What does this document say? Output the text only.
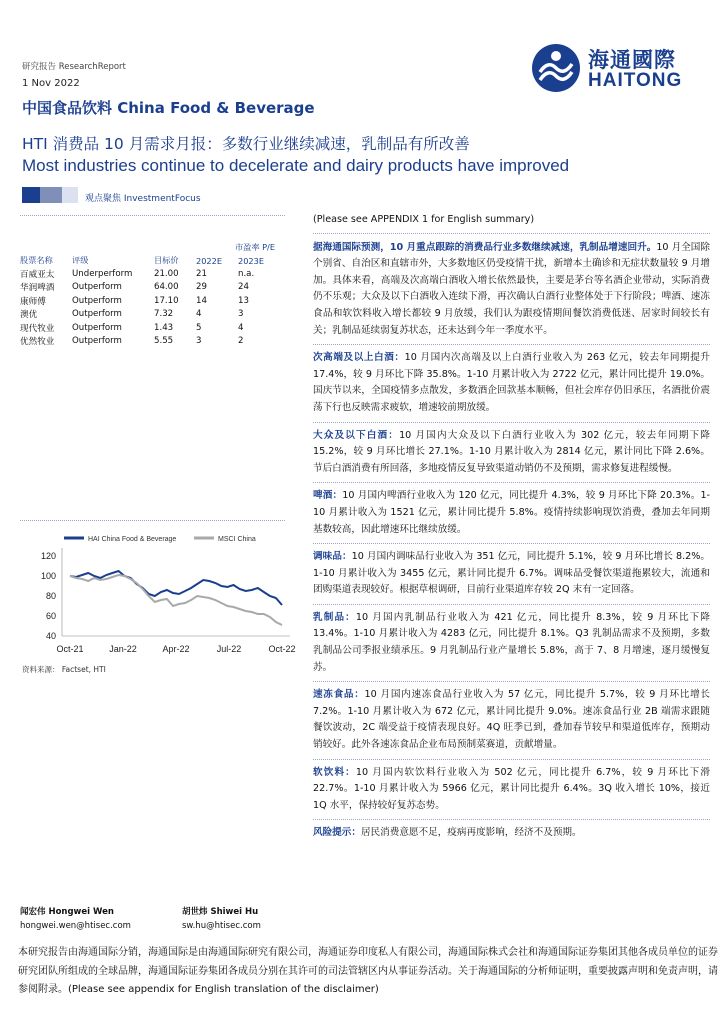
研究报告 ResearchReport
1 Nov 2022
中国食品饮料 China Food & Beverage
HTI 消费品 10 月需求月报：多数行业继续减速，乳制品有所改善
Most industries continue to decelerate and dairy products have improved
观点聚焦 InvestmentFocus
海通國際
HAITONG
市盈率 P/E
股票名称	评级	目标价	2022E	2023E
百威亚太	Underperform	21.00	21	n.a.
华润啤酒	Outperform	64.00	29	24
康师傅	Outperform	17.10	14	13
澳优	Outperform	7.32	4	3
现代牧业	Outperform	1.43	5	4
优然牧业	Outperform	5.55	3	2
HAI China Food & Beverage	MSCI China
120
100
80
60
40
Oct-21	Jan-22	Apr-22	Jul-22	Oct-22
资料来源： Factset, HTI

(Please see APPENDIX 1 for English summary)

据海通国际预测，10 月重点跟踪的消费品行业多数继续减速，乳制品增速回升。10 月全国除个别省、自治区和直辖市外，大多数地区仍受疫情干扰，新增本土确诊和无症状数量较 9 月增加。具体来看，高端及次高端白酒收入增长依然最快，主要是茅台等名酒企业带动，实际消费仍不乐观；大众及以下白酒收入连续下滑，再次确认白酒行业整体处于下行阶段；啤酒、速冻食品和软饮料收入增长都较 9 月放缓，我们认为跟疫情期间餐饮消费低迷、居家时间较长有关；乳制品延续弱复苏状态，还未达到今年一季度水平。

次高端及以上白酒：10 月国内次高端及以上白酒行业收入为 263 亿元，较去年同期提升 17.4%，较 9 月环比下降 35.8%。1-10 月累计收入为 2722 亿元，累计同比提升 19.0%。国庆节以来，全国疫情多点散发，多数酒企回款基本顺畅，但社会库存仍旧承压，名酒批价震荡下行也反映需求疲软，增速较前期放缓。

大众及以下白酒：10 月国内大众及以下白酒行业收入为 302 亿元，较去年同期下降 15.2%，较 9 月环比增长 27.1%。1-10 月累计收入为 2814 亿元，累计同比下降 2.6%。节后白酒消费有所回落，多地疫情反复导致渠道动销仍不及预期，需求修复进程缓慢。

啤酒：10 月国内啤酒行业收入为 120 亿元，同比提升 4.3%，较 9 月环比下降 20.3%。1-10 月累计收入为 1521 亿元，累计同比提升 5.8%。疫情持续影响现饮消费，叠加去年同期基数较高，因此增速环比继续放缓。

调味品：10 月国内调味品行业收入为 351 亿元，同比提升 5.1%，较 9 月环比增长 8.2%。1-10 月累计收入为 3455 亿元，累计同比提升 6.7%。调味品受餐饮渠道拖累较大，流通和团购渠道表现较好。根据草根调研，目前行业渠道库存较 2Q 末有一定回落。

乳制品：10 月国内乳制品行业收入为 421 亿元，同比提升 8.3%，较 9 月环比下降 13.4%。1-10 月累计收入为 4283 亿元，同比提升 8.1%。Q3 乳制品需求不及预期，多数乳制品公司季报业绩承压。9 月乳制品行业产量增长 5.8%，高于 7、8 月增速，逐月缓慢复苏。

速冻食品：10 月国内速冻食品行业收入为 57 亿元，同比提升 5.7%，较 9 月环比增长 7.2%。1-10 月累计收入为 672 亿元，累计同比提升 9.0%。速冻食品行业 2B 端需求跟随餐饮波动，2C 端受益于疫情表现良好。4Q 旺季已到，叠加春节较早和渠道低库存，预期动销较好。此外各速冻食品企业布局预制菜赛道，贡献增量。

软饮料：10 月国内软饮料行业收入为 502 亿元，同比提升 6.7%，较 9 月环比下滑 22.7%。1-10 月累计收入为 5966 亿元，累计同比提升 6.4%。3Q 收入增长 10%，接近 1Q 水平，保持较好复苏态势。

风险提示：居民消费意愿不足，疫病再度影响，经济不及预期。

闻宏伟 Hongwei Wen
hongwei.wen@htisec.com
胡世炜 Shiwei Hu
sw.hu@htisec.com
本研究报告由海通国际分销，海通国际是由海通国际研究有限公司，海通证券印度私人有限公司，海通国际株式会社和海通国际证券集团其他各成员单位的证券研究团队所组成的全球品牌，海通国际证券集团各成员分别在其许可的司法管辖区内从事证券活动。关于海通国际的分析师证明，重要披露声明和免责声明，请参阅附录。(Please see appendix for English translation of the disclaimer)
